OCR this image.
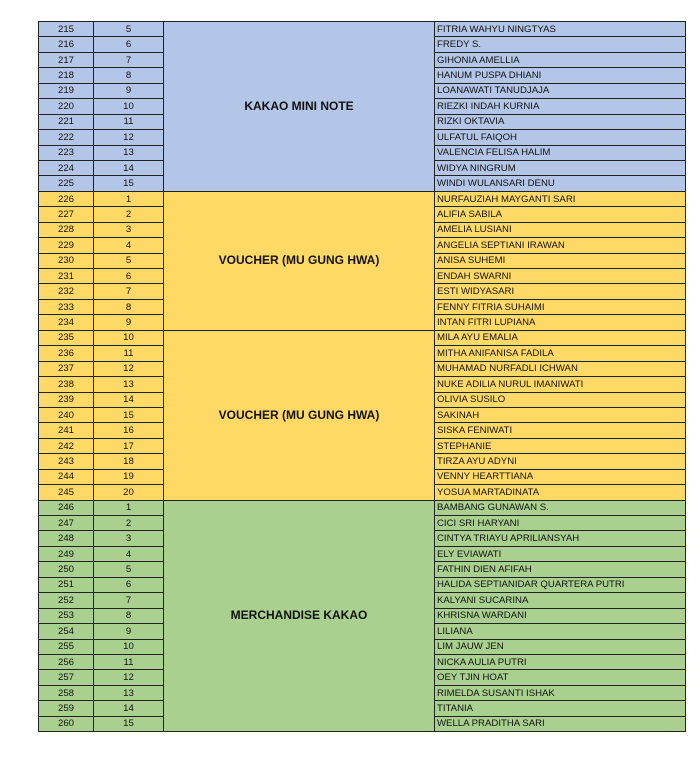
215	5	KAKAO MINI NOTE	FITRIA WAHYU NINGTYAS
216	6		FREDY S.
217	7		GIHONIA AMELLIA
218	8		HANUM PUSPA DHIANI
219	9		LOANAWATI TANUDJAJA
220	10		RIEZKI INDAH KURNIA
221	11		RIZKI OKTAVIA
222	12		ULFATUL FAIQOH
223	13		VALENCIA FELISA HALIM
224	14		WIDYA NINGRUM
225	15		WINDI WULANSARI DENU
226	1	VOUCHER (MU GUNG HWA)	NURFAUZIAH MAYGANTI SARI
227	2		ALIFIA SABILA
228	3		AMELIA LUSIANI
229	4		ANGELIA SEPTIANI IRAWAN
230	5		ANISA SUHEMI
231	6		ENDAH SWARNI
232	7		ESTI WIDYASARI
233	8		FENNY FITRIA SUHAIMI
234	9		INTAN FITRI LUPIANA
235	10	VOUCHER (MU GUNG HWA)	MILA AYU EMALIA
236	11		MITHA ANIFANISA FADILA
237	12		MUHAMAD NURFADLI ICHWAN
238	13		NUKE ADILIA NURUL IMANIWATI
239	14		OLIVIA SUSILO
240	15		SAKINAH
241	16		SISKA FENIWATI
242	17		STEPHANIE
243	18		TIRZA AYU ADYNI
244	19		VENNY HEARTTIANA
245	20		YOSUA MARTADINATA
246	1	MERCHANDISE KAKAO	BAMBANG GUNAWAN S.
247	2		CICI SRI HARYANI
248	3		CINTYA TRIAYU APRILIANSYAH
249	4		ELY EVIAWATI
250	5		FATHIN DIEN AFIFAH
251	6		HALIDA SEPTIANIDAR QUARTERA PUTRI
252	7		KALYANI SUCARINA
253	8		KHRISNA WARDANI
254	9		LILIANA
255	10		LIM JAUW JEN
256	11		NICKA AULIA PUTRI
257	12		OEY TJIN HOAT
258	13		RIMELDA SUSANTI ISHAK
259	14		TITANIA
260	15		WELLA PRADITHA SARI
